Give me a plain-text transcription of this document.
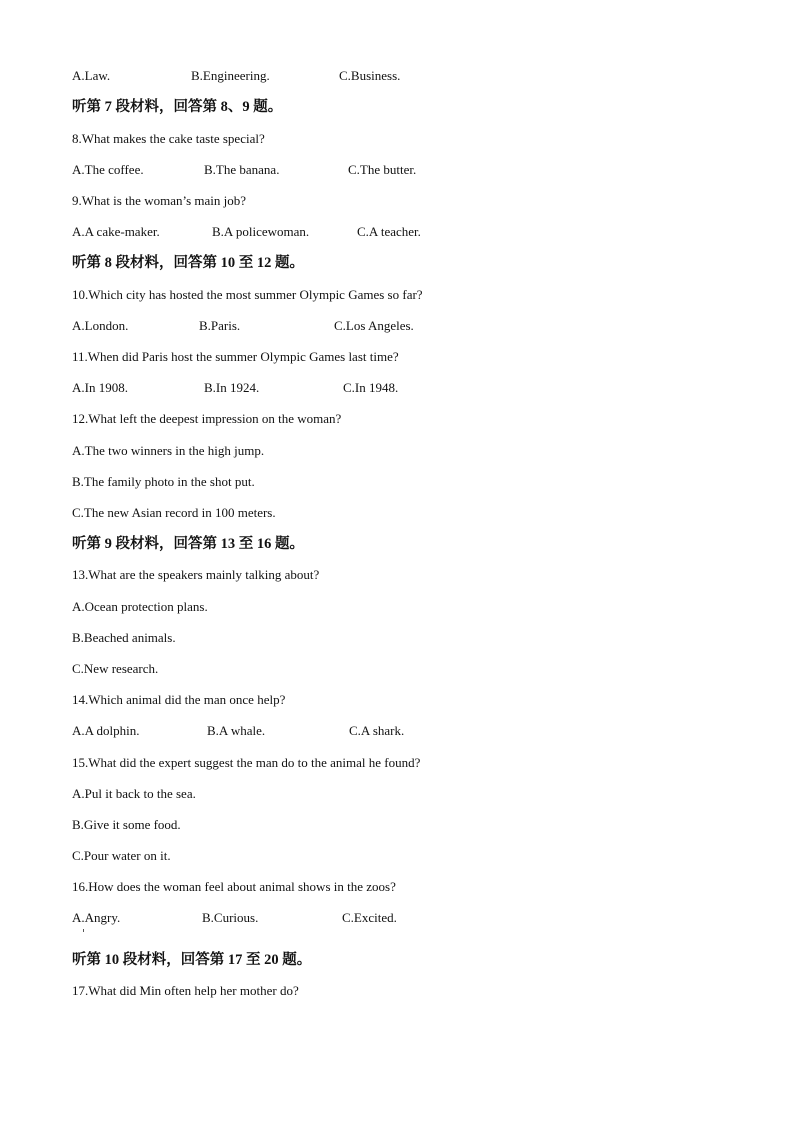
A.Law.	B.Engineering.	C.Business.
听第 7 段材料，回答第 8、9 题。
8.What makes the cake taste special?
A.The coffee.	B.The banana.	C.The butter.
9.What is the woman’s main job?
A.A cake-maker.	B.A policewoman.	C.A teacher.
听第 8 段材料，回答第 10 至 12 题。
10.Which city has hosted the most summer Olympic Games so far?
A.London.	B.Paris.	C.Los Angeles.
11.When did Paris host the summer Olympic Games last time?
A.In 1908.	B.In 1924.	C.In 1948.
12.What left the deepest impression on the woman?
A.The two winners in the high jump.
B.The family photo in the shot put.
C.The new Asian record in 100 meters.
听第 9 段材料，回答第 13 至 16 题。
13.What are the speakers mainly talking about?
A.Ocean protection plans.
B.Beached animals.
C.New research.
14.Which animal did the man once help?
A.A dolphin.	B.A whale.	C.A shark.
15.What did the expert suggest the man do to the animal he found?
A.Pul it back to the sea.
B.Give it some food.
C.Pour water on it.
16.How does the woman feel about animal shows in the zoos?
A.Angry.	B.Curious.	C.Excited.
听第 10 段材料，回答第 17 至 20 题。
17.What did Min often help her mother do?
